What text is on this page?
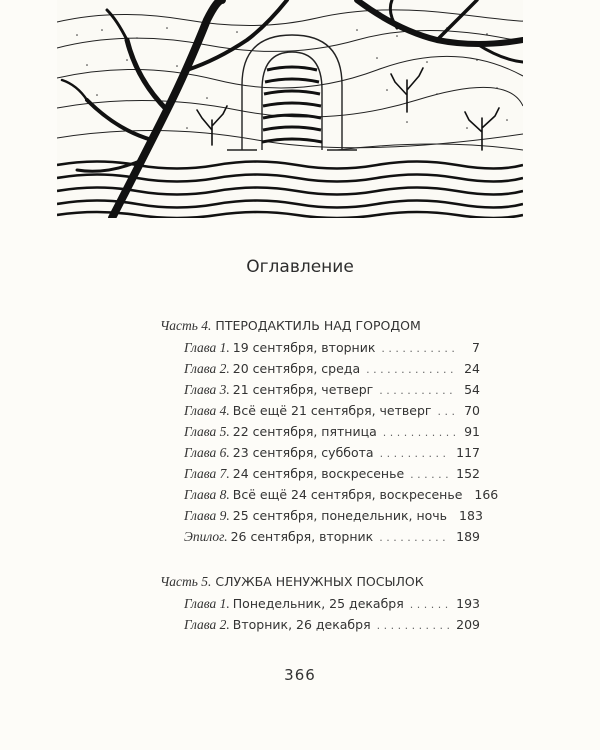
Оглавление
Часть 4. ПТЕРОДАКТИЛЬ НАД ГОРОДОМ
Глава 1. 19 сентября, вторник . . .	7
Глава 2. 20 сентября, среда . . .	24
Глава 3. 21 сентября, четверг . . .	54
Глава 4. Всё ещё 21 сентября, четверг . . .	70
Глава 5. 22 сентября, пятница . . .	91
Глава 6. 23 сентября, суббота . . .	117
Глава 7. 24 сентября, воскресенье . . .	152
Глава 8. Всё ещё 24 сентября, воскресенье 166
Глава 9. 25 сентября, понедельник, ночь 183
Эпилог. 26 сентября, вторник . . .	189
Часть 5. СЛУЖБА НЕНУЖНЫХ ПОСЫЛОК
Глава 1. Понедельник, 25 декабря . . .	193
Глава 2. Вторник, 26 декабря . . .	209
366
